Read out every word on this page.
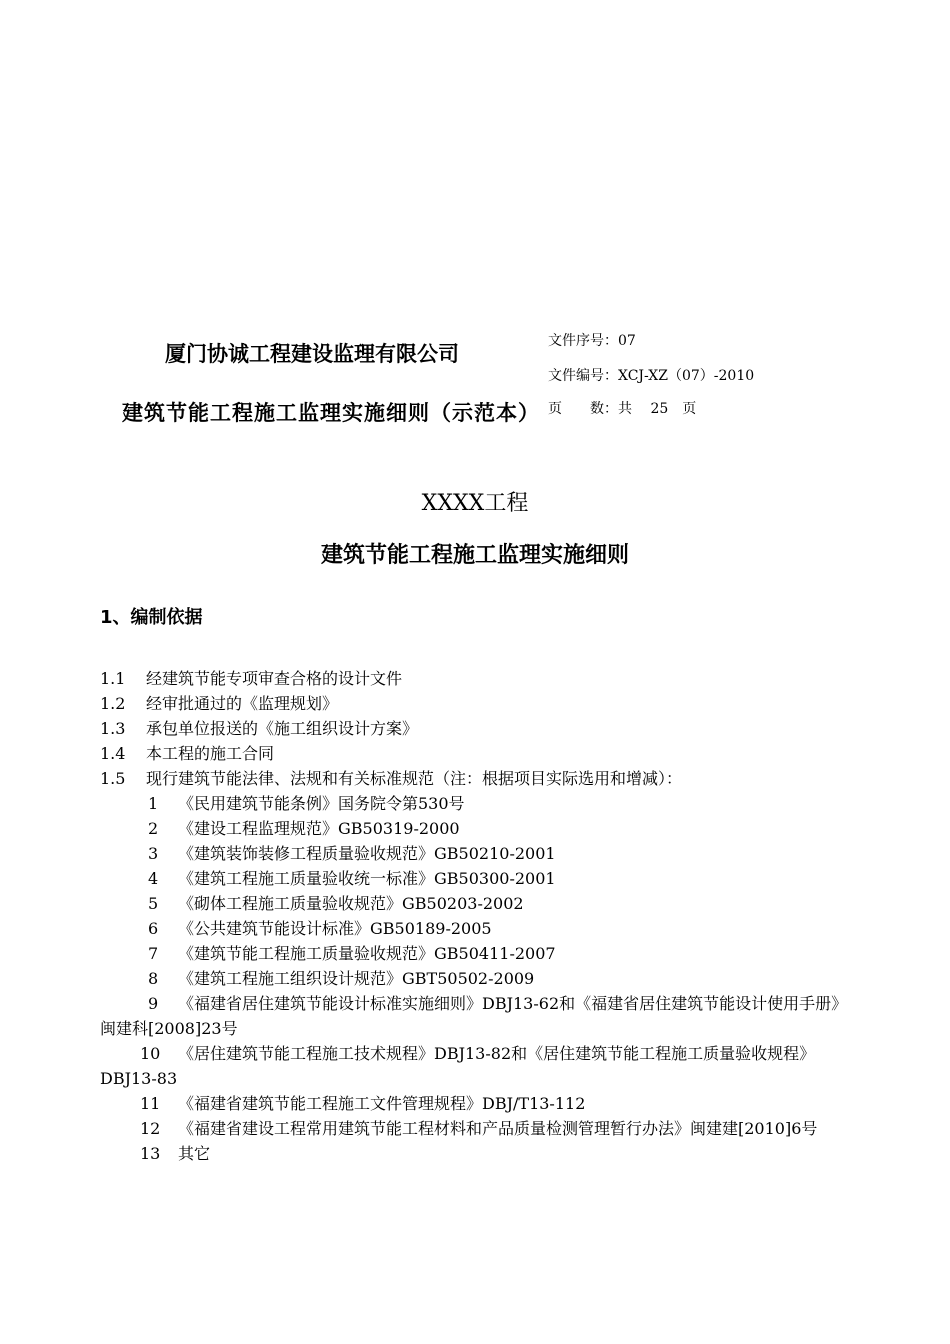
厦门协诚工程建设监理有限公司
建筑节能工程施工监理实施细则（示范本）
文件序号：07
文件编号：XCJ-XZ（07）-2010
页　　数：共　 25　页
XXXX工程
建筑节能工程施工监理实施细则
1、编制依据
1.1 经建筑节能专项审查合格的设计文件
1.2 经审批通过的《监理规划》
1.3 承包单位报送的《施工组织设计方案》
1.4 本工程的施工合同
1.5 现行建筑节能法律、法规和有关标准规范（注：根据项目实际选用和增减）：
1 《民用建筑节能条例》国务院令第530号
2 《建设工程监理规范》GB50319-2000
3 《建筑装饰装修工程质量验收规范》GB50210-2001
4 《建筑工程施工质量验收统一标准》GB50300-2001
5 《砌体工程施工质量验收规范》GB50203-2002
6 《公共建筑节能设计标准》GB50189-2005
7 《建筑节能工程施工质量验收规范》GB50411-2007
8 《建筑工程施工组织设计规范》GBT50502-2009
9 《福建省居住建筑节能设计标准实施细则》DBJ13-62和《福建省居住建筑节能设计使用手册》闽建科[2008]23号
10 《居住建筑节能工程施工技术规程》DBJ13-82和《居住建筑节能工程施工质量验收规程》DBJ13-83
11 《福建省建筑节能工程施工文件管理规程》DBJ/T13-112
12 《福建省建设工程常用建筑节能工程材料和产品质量检测管理暂行办法》闽建建[2010]6号
13 其它
